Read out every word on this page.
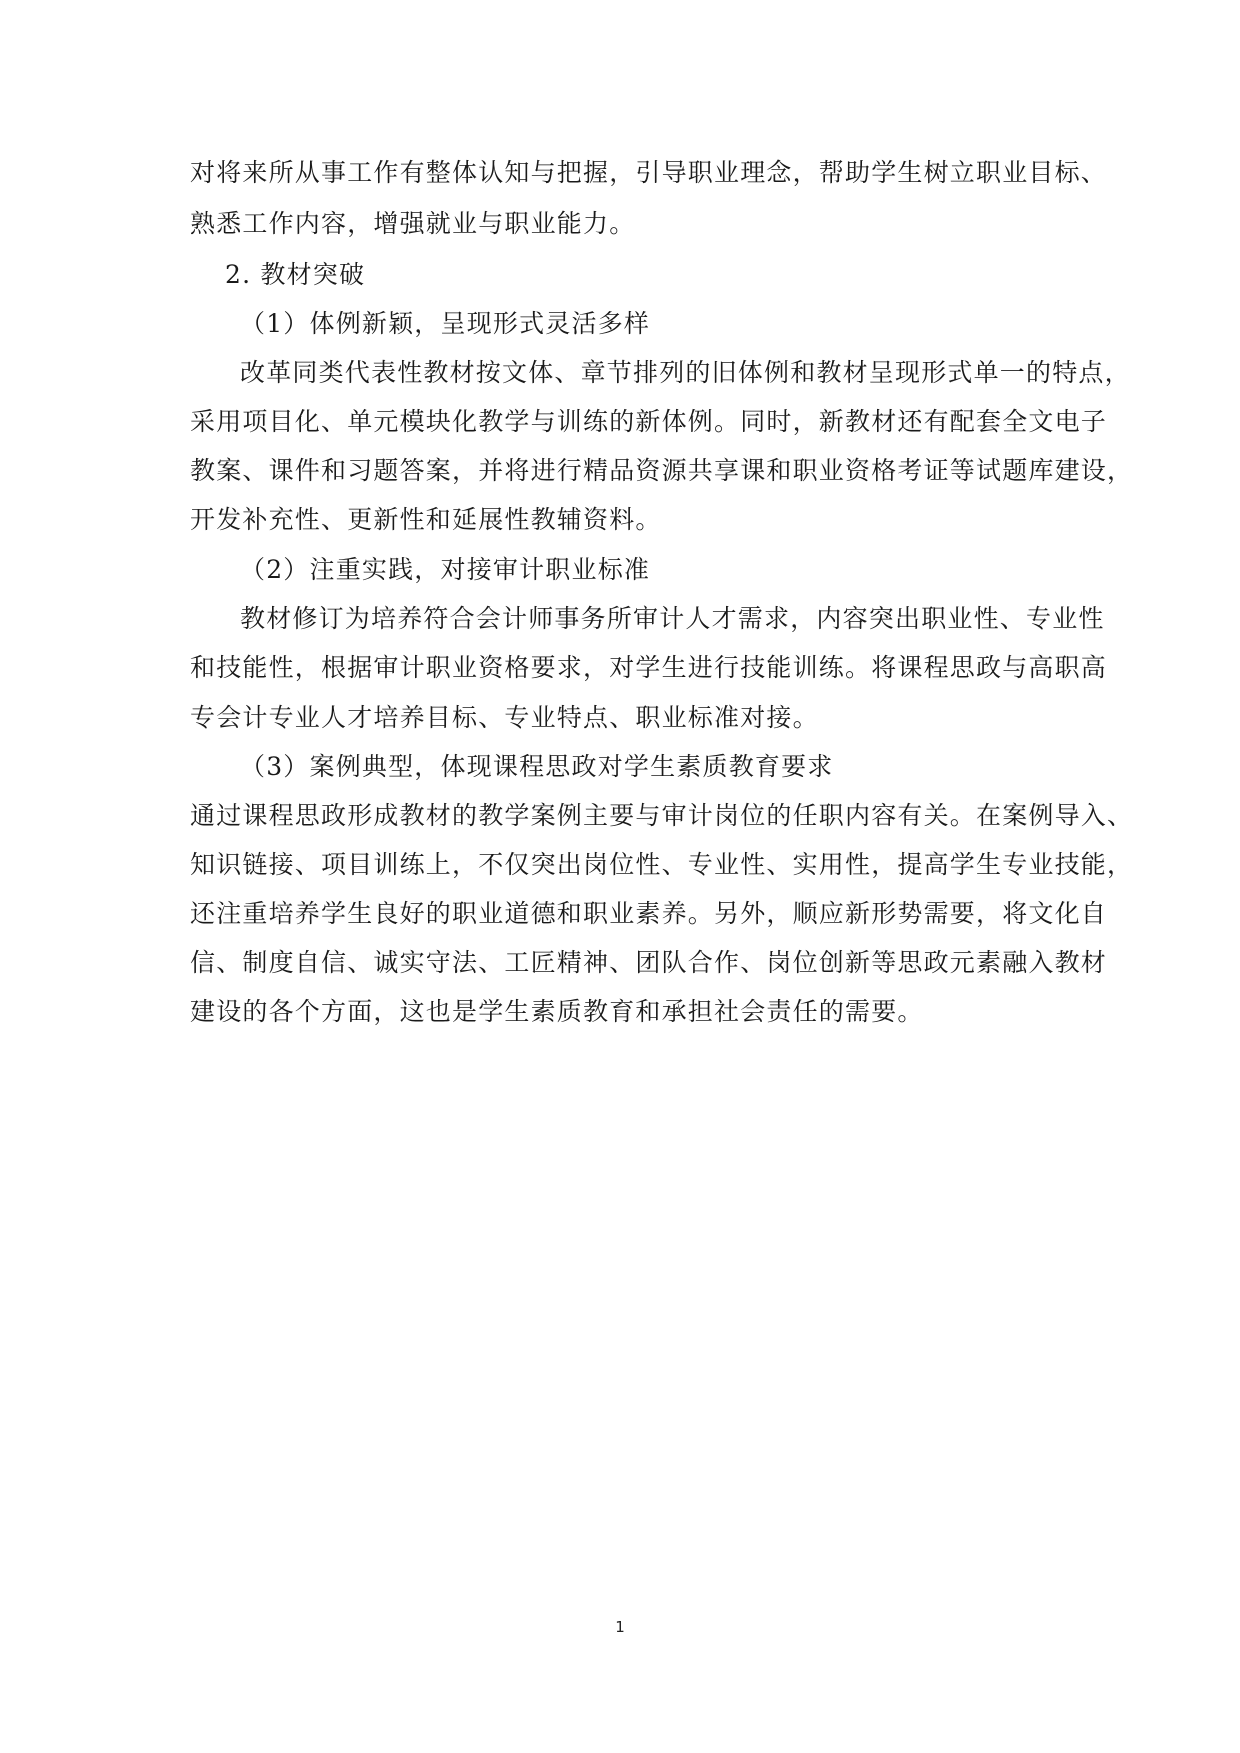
对将来所从事工作有整体认知与把握，引导职业理念，帮助学生树立职业目标、
熟悉工作内容，增强就业与职业能力。
2. 教材突破
（1）体例新颖，呈现形式灵活多样
改革同类代表性教材按文体、章节排列的旧体例和教材呈现形式单一的特点，
采用项目化、单元模块化教学与训练的新体例。同时，新教材还有配套全文电子
教案、课件和习题答案，并将进行精品资源共享课和职业资格考证等试题库建设，
开发补充性、更新性和延展性教辅资料。
（2）注重实践，对接审计职业标准
教材修订为培养符合会计师事务所审计人才需求，内容突出职业性、专业性
和技能性，根据审计职业资格要求，对学生进行技能训练。将课程思政与高职高
专会计专业人才培养目标、专业特点、职业标准对接。
（3）案例典型，体现课程思政对学生素质教育要求
通过课程思政形成教材的教学案例主要与审计岗位的任职内容有关。在案例导入、
知识链接、项目训练上，不仅突出岗位性、专业性、实用性，提高学生专业技能，
还注重培养学生良好的职业道德和职业素养。另外，顺应新形势需要，将文化自
信、制度自信、诚实守法、工匠精神、团队合作、岗位创新等思政元素融入教材
建设的各个方面，这也是学生素质教育和承担社会责任的需要。
1
